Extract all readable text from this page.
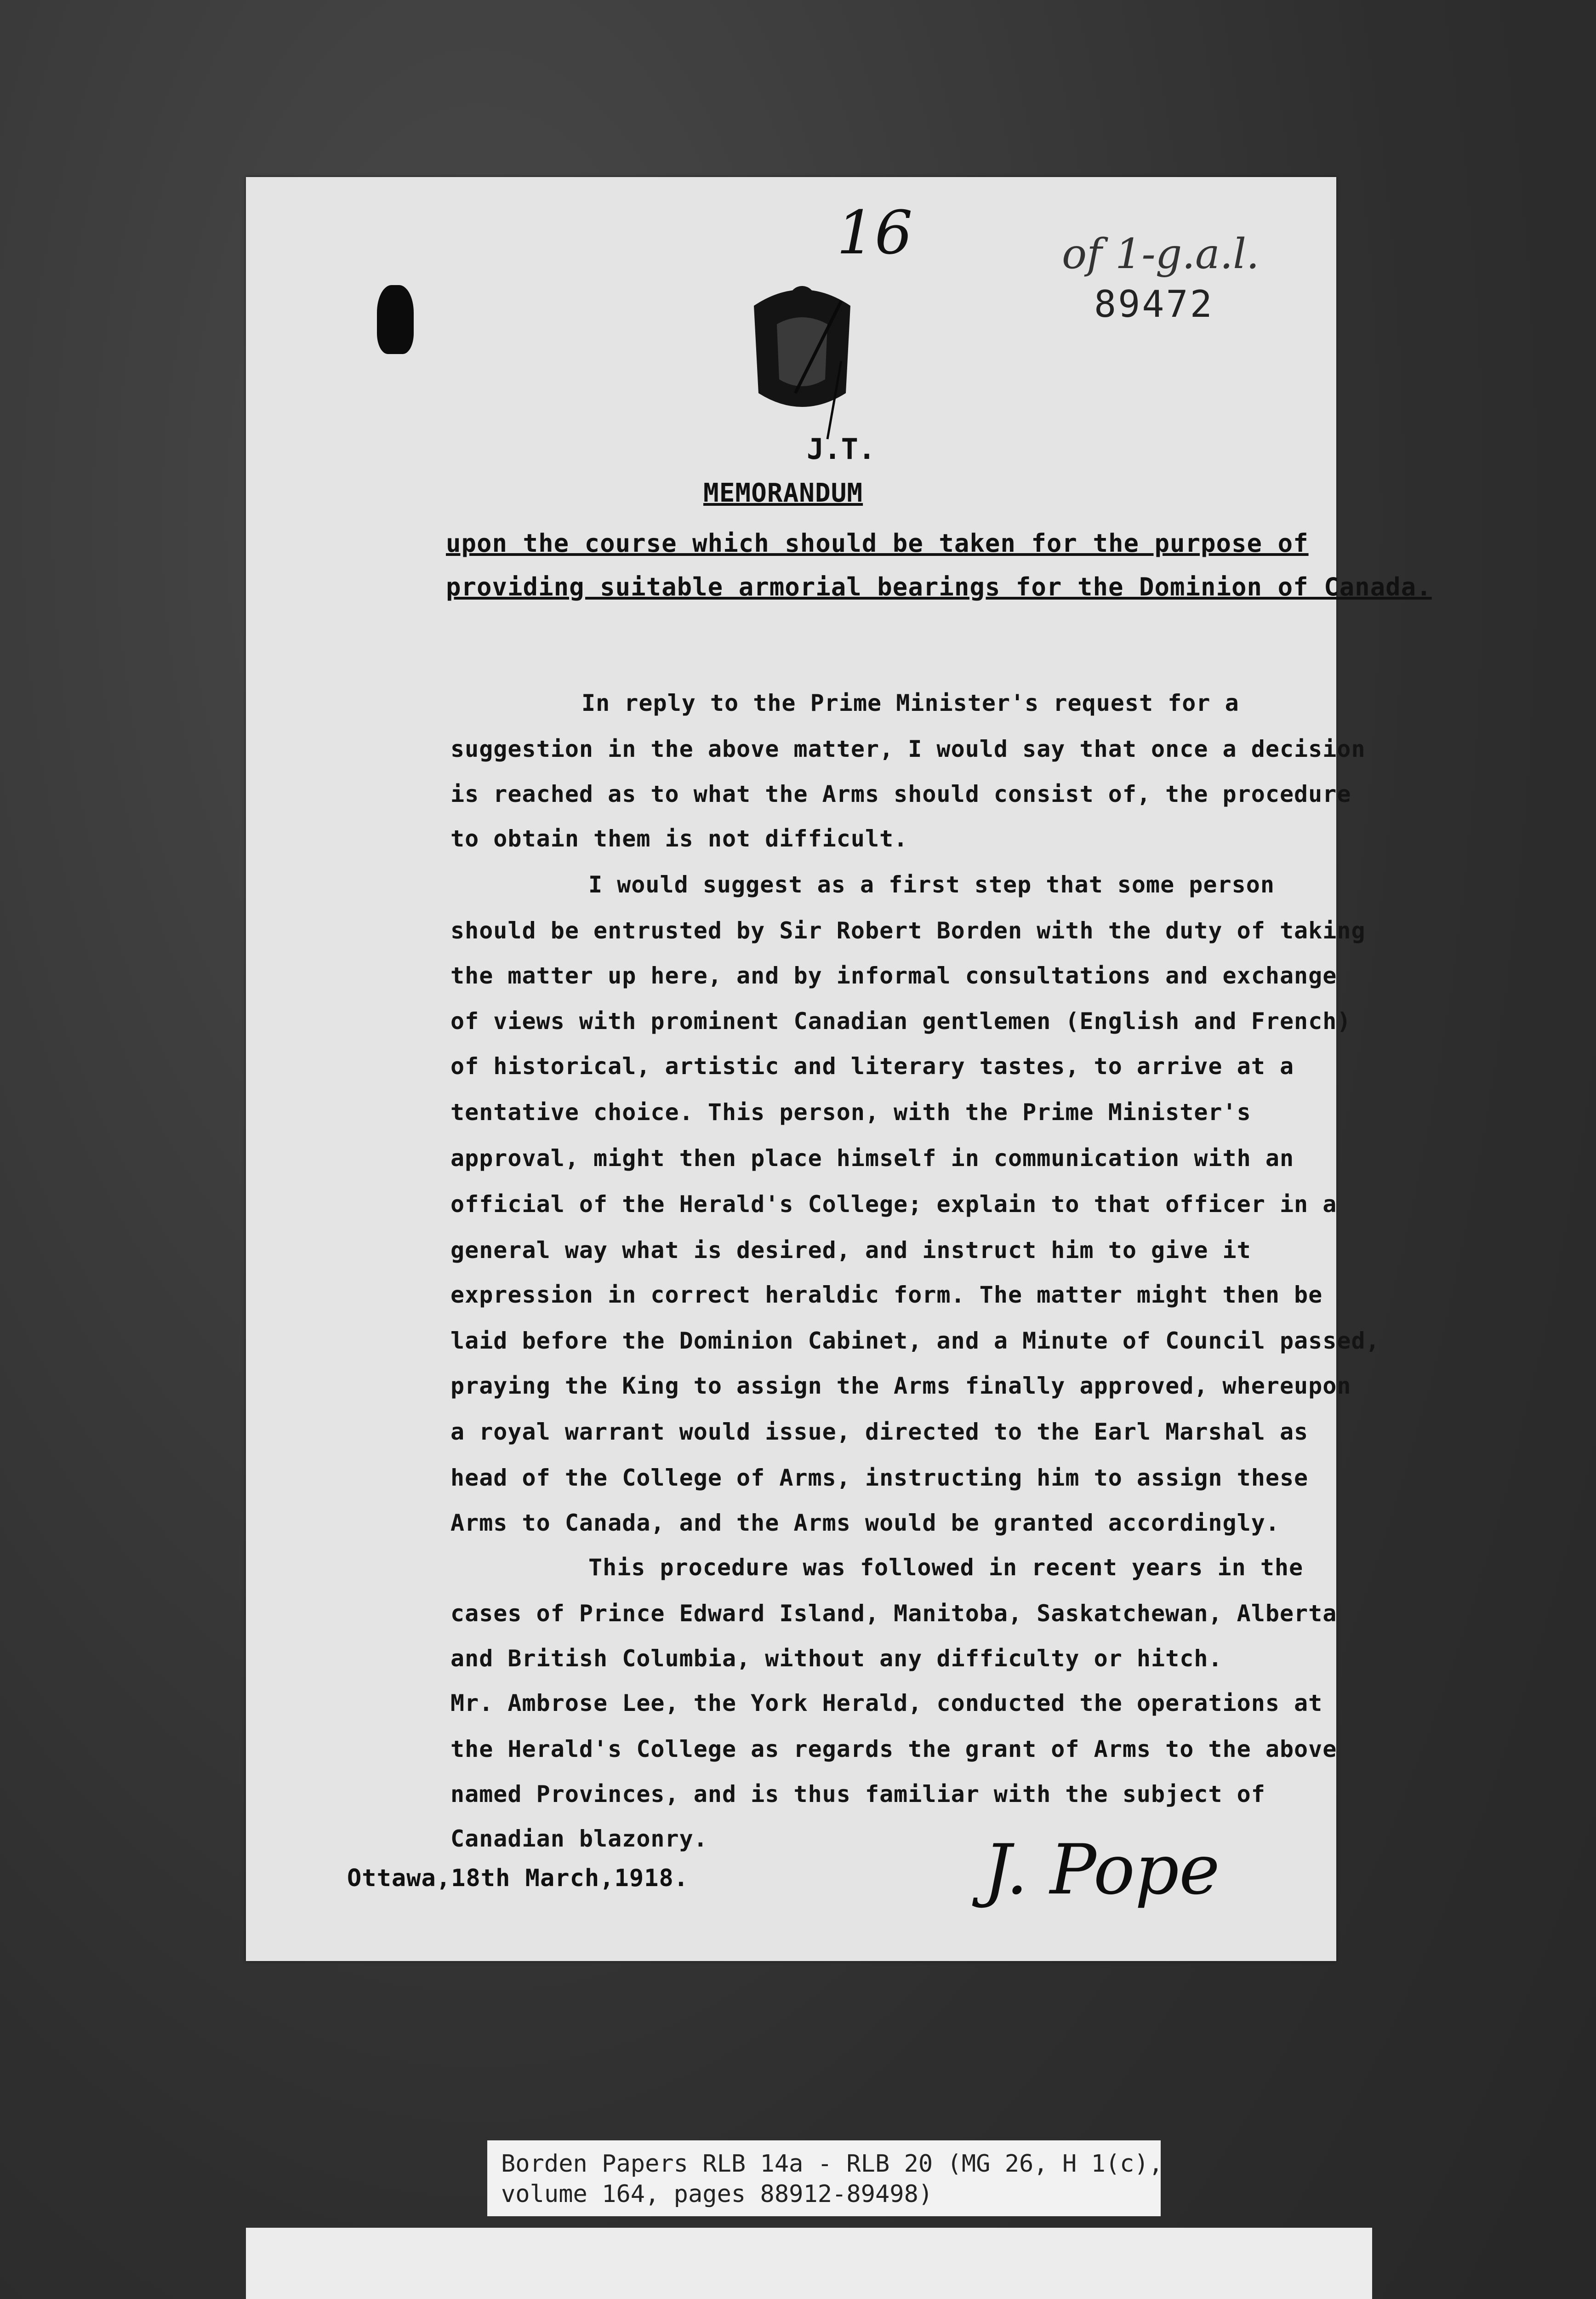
16	of 1-g.a.l.

89472

J.T.

MEMORANDUM

upon the course which should be taken for the purpose of

providing suitable armorial bearings for the Dominion of Canada.

In reply to the Prime Minister's request for a

suggestion in the above matter, I would say that once a decision

is reached as to what the Arms should consist of, the procedure

to obtain them is not difficult.

I would suggest as a first step that some person

should be entrusted by Sir Robert Borden with the duty of taking

the matter up here, and by informal consultations and exchange

of views with prominent Canadian gentlemen (English and French)

of historical, artistic and literary tastes, to arrive at a

tentative choice. This person, with the Prime Minister's

approval, might then place himself in communication with an

official of the Herald's College; explain to that officer in a

general way what is desired, and instruct him to give it

expression in correct heraldic form. The matter might then be

laid before the Dominion Cabinet, and a Minute of Council passed,

praying the King to assign the Arms finally approved, whereupon

a royal warrant would issue, directed to the Earl Marshal as

head of the College of Arms, instructing him to assign these

Arms to Canada, and the Arms would be granted accordingly.

This procedure was followed in recent years in the

cases of Prince Edward Island, Manitoba, Saskatchewan, Alberta

and British Columbia, without any difficulty or hitch.

Mr. Ambrose Lee, the York Herald, conducted the operations at

the Herald's College as regards the grant of Arms to the above

named Provinces, and is thus familiar with the subject of

Canadian blazonry.

Ottawa,18th March,1918.	J. Pope

Borden Papers RLB 14a - RLB 20 (MG 26, H 1(c),

volume 164, pages 88912-89498)
